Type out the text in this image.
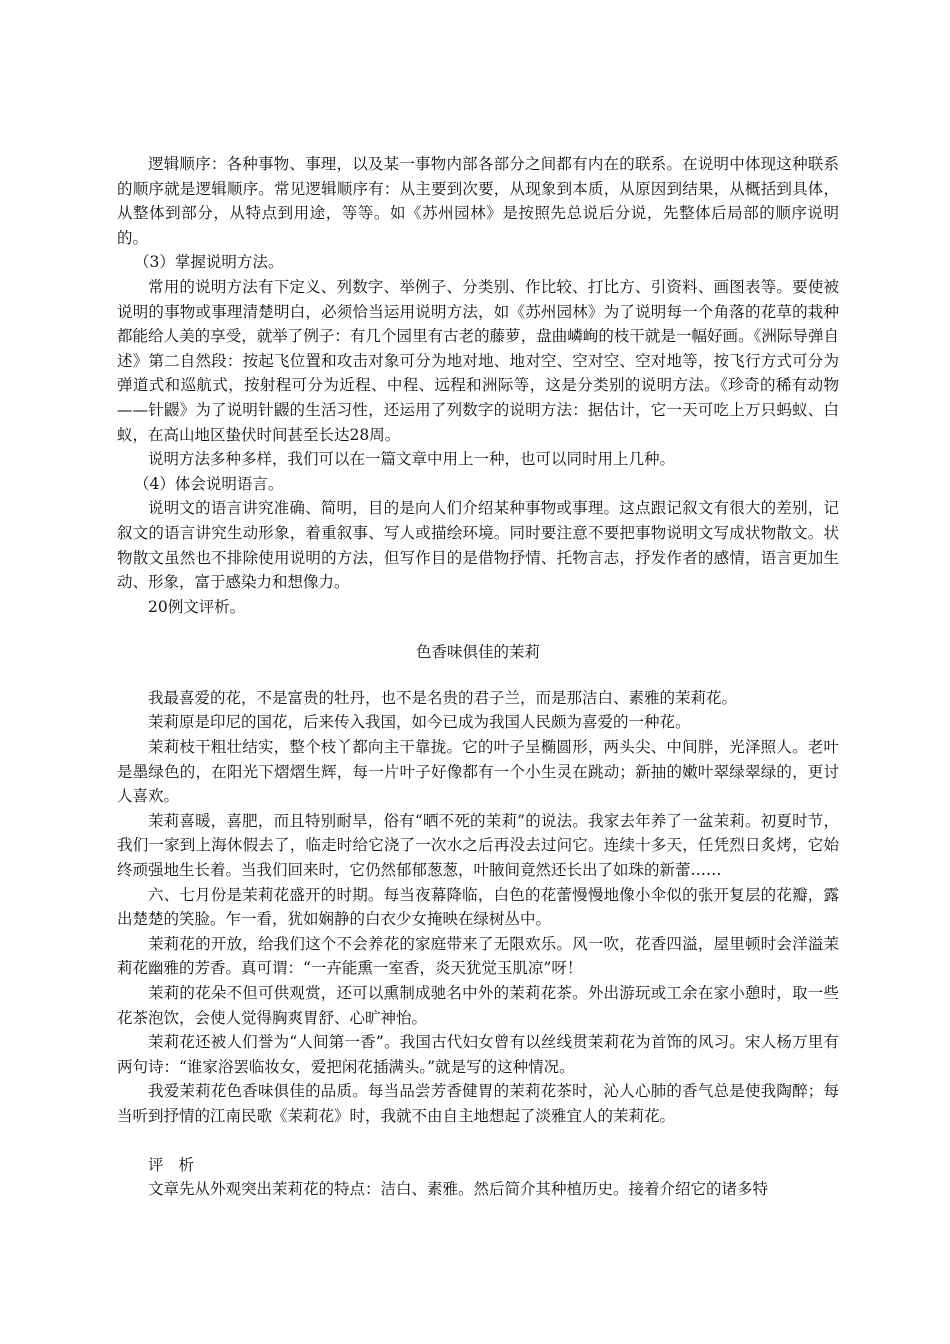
逻辑顺序：各种事物、事理，以及某一事物内部各部分之间都有内在的联系。在说明中体现这种联系的顺序就是逻辑顺序。常见逻辑顺序有：从主要到次要，从现象到本质，从原因到结果，从概括到具体，从整体到部分，从特点到用途，等等。如《苏州园林》是按照先总说后分说，先整体后局部的顺序说明的。

（3）掌握说明方法。

常用的说明方法有下定义、列数字、举例子、分类别、作比较、打比方、引资料、画图表等。要使被说明的事物或事理清楚明白，必须恰当运用说明方法，如《苏州园林》为了说明每一个角落的花草的栽种都能给人美的享受，就举了例子：有几个园里有古老的藤萝，盘曲嶙峋的枝干就是一幅好画。《洲际导弹自述》第二自然段：按起飞位置和攻击对象可分为地对地、地对空、空对空、空对地等，按飞行方式可分为弹道式和巡航式，按射程可分为近程、中程、远程和洲际等，这是分类别的说明方法。《珍奇的稀有动物——针鼹》为了说明针鼹的生活习性，还运用了列数字的说明方法：据估计，它一天可吃上万只蚂蚁、白蚁，在高山地区蛰伏时间甚至长达28周。

说明方法多种多样，我们可以在一篇文章中用上一种，也可以同时用上几种。

（4）体会说明语言。

说明文的语言讲究准确、简明，目的是向人们介绍某种事物或事理。这点跟记叙文有很大的差别，记叙文的语言讲究生动形象，着重叙事、写人或描绘环境。同时要注意不要把事物说明文写成状物散文。状物散文虽然也不排除使用说明的方法，但写作目的是借物抒情、托物言志，抒发作者的感情，语言更加生动、形象，富于感染力和想像力。

20例文评析。

色香味俱佳的茉莉

我最喜爱的花，不是富贵的牡丹，也不是名贵的君子兰，而是那洁白、素雅的茉莉花。

茉莉原是印尼的国花，后来传入我国，如今已成为我国人民颇为喜爱的一种花。

茉莉枝干粗壮结实，整个枝丫都向主干靠拢。它的叶子呈椭圆形，两头尖、中间胖，光泽照人。老叶是墨绿色的，在阳光下熠熠生辉，每一片叶子好像都有一个小生灵在跳动；新抽的嫩叶翠绿翠绿的，更讨人喜欢。

茉莉喜暖，喜肥，而且特别耐旱，俗有“晒不死的茉莉”的说法。我家去年养了一盆茉莉。初夏时节，我们一家到上海休假去了，临走时给它浇了一次水之后再没去过问它。连续十多天，任凭烈日炙烤，它始终顽强地生长着。当我们回来时，它仍然郁郁葱葱，叶腋间竟然还长出了如珠的新蕾……

六、七月份是茉莉花盛开的时期。每当夜幕降临，白色的花蕾慢慢地像小伞似的张开复层的花瓣，露出楚楚的笑脸。乍一看，犹如娴静的白衣少女掩映在绿树丛中。

茉莉花的开放，给我们这个不会养花的家庭带来了无限欢乐。风一吹，花香四溢，屋里顿时会洋溢茉莉花幽雅的芳香。真可谓：“一卉能熏一室香，炎天犹觉玉肌凉”呀！

茉莉的花朵不但可供观赏，还可以熏制成驰名中外的茉莉花茶。外出游玩或工余在家小憩时，取一些花茶泡饮，会使人觉得胸爽胃舒、心旷神怡。

茉莉花还被人们誉为“人间第一香”。我国古代妇女曾有以丝线贯茉莉花为首饰的风习。宋人杨万里有两句诗：“谁家浴罢临妆女，爱把闲花插满头。”就是写的这种情况。

我爱茉莉花色香味俱佳的品质。每当品尝芳香健胃的茉莉花茶时，沁人心肺的香气总是使我陶醉；每当听到抒情的江南民歌《茉莉花》时，我就不由自主地想起了淡雅宜人的茉莉花。

评析

文章先从外观突出茉莉花的特点：洁白、素雅。然后简介其种植历史。接着介绍它的诸多特
